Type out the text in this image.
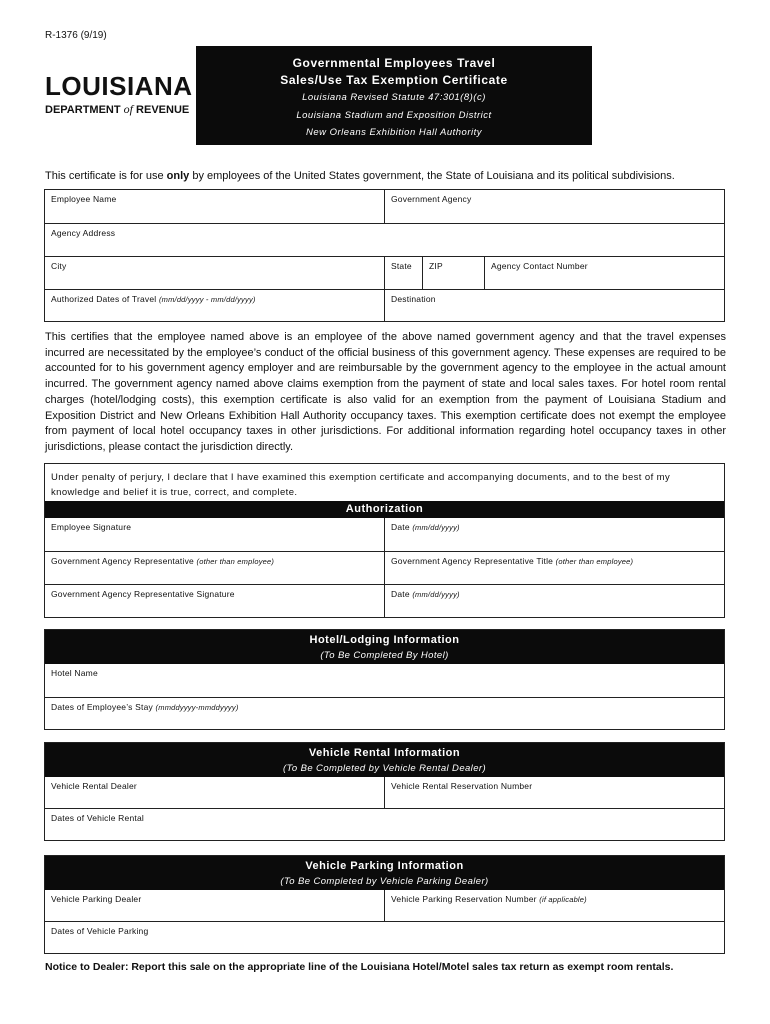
R-1376 (9/19)
LOUISIANA
DEPARTMENT of REVENUE
Governmental Employees Travel
Sales/Use Tax Exemption Certificate
Louisiana Revised Statute 47:301(8)(c)
Louisiana Stadium and Exposition District
New Orleans Exhibition Hall Authority
This certificate is for use only by employees of the United States government, the State of Louisiana and its political subdivisions.
Employee Name	Government Agency
Agency Address
City	State	ZIP	Agency Contact Number
Authorized Dates of Travel (mm/dd/yyyy - mm/dd/yyyy)	Destination
This certifies that the employee named above is an employee of the above named government agency and that the travel expenses incurred are necessitated by the employee’s conduct of the official business of this government agency. These expenses are required to be accounted for to his government agency employer and are reimbursable by the government agency to the employee in the actual amount incurred. The government agency named above claims exemption from the payment of state and local sales taxes. For hotel room rental charges (hotel/lodging costs), this exemption certificate is also valid for an exemption from the payment of Louisiana Stadium and Exposition District and New Orleans Exhibition Hall Authority occupancy taxes. This exemption certificate does not exempt the employee from payment of local hotel occupancy taxes in other jurisdictions. For additional information regarding hotel occupancy taxes in other jurisdictions, please contact the jurisdiction directly.
Under penalty of perjury, I declare that I have examined this exemption certificate and accompanying documents, and to the best of my knowledge and belief it is true, correct, and complete.
Authorization
Employee Signature	Date (mm/dd/yyyy)
Government Agency Representative (other than employee)	Government Agency Representative Title (other than employee)
Government Agency Representative Signature	Date (mm/dd/yyyy)
Hotel/Lodging Information
(To Be Completed By Hotel)
Hotel Name
Dates of Employee’s Stay (mmddyyyy-mmddyyyy)
Vehicle Rental Information
(To Be Completed by Vehicle Rental Dealer)
Vehicle Rental Dealer	Vehicle Rental Reservation Number
Dates of Vehicle Rental
Vehicle Parking Information
(To Be Completed by Vehicle Parking Dealer)
Vehicle Parking Dealer	Vehicle Parking Reservation Number (if applicable)
Dates of Vehicle Parking
Notice to Dealer: Report this sale on the appropriate line of the Louisiana Hotel/Motel sales tax return as exempt room rentals.
